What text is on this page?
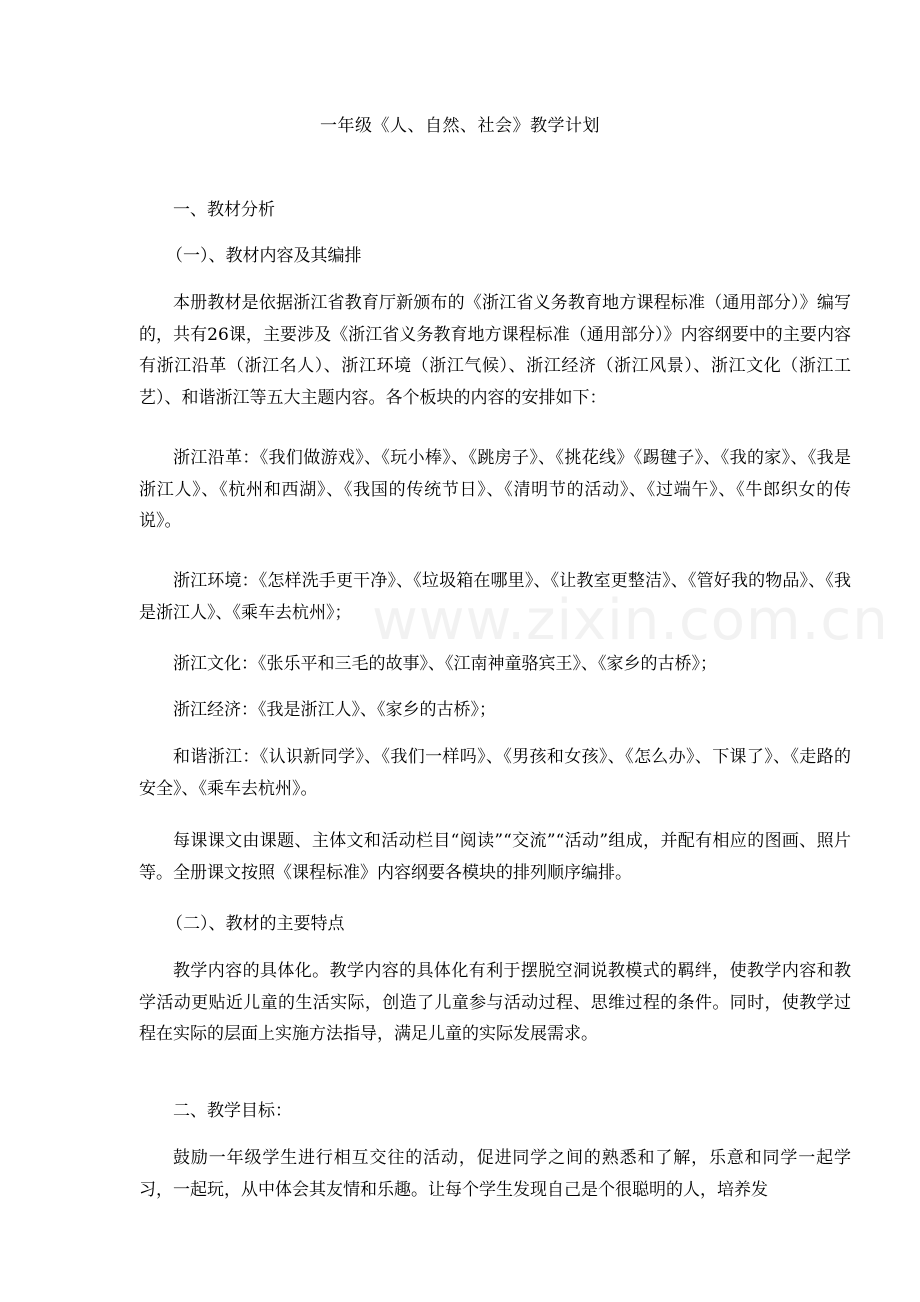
www.zixin.com.cn
一年级《人、自然、社会》教学计划
一、教材分析
（一）、教材内容及其编排
本册教材是依据浙江省教育厅新颁布的《浙江省义务教育地方课程标准（通用部分）》编写的，共有26课，主要涉及《浙江省义务教育地方课程标准（通用部分）》内容纲要中的主要内容有浙江沿革（浙江名人）、浙江环境（浙江气候）、浙江经济（浙江风景）、浙江文化（浙江工艺）、和谐浙江等五大主题内容。各个板块的内容的安排如下：
浙江沿革：《我们做游戏》、《玩小棒》、《跳房子》、《挑花线》《踢毽子》、《我的家》、《我是浙江人》、《杭州和西湖》、《我国的传统节日》、《清明节的活动》、《过端午》、《牛郎织女的传说》。
浙江环境：《怎样洗手更干净》、《垃圾箱在哪里》、《让教室更整洁》、《管好我的物品》、《我是浙江人》、《乘车去杭州》；
浙江文化：《张乐平和三毛的故事》、《江南神童骆宾王》、《家乡的古桥》；
浙江经济：《我是浙江人》、《家乡的古桥》；
和谐浙江：《认识新同学》、《我们一样吗》、《男孩和女孩》、《怎么办》、下课了》、《走路的安全》、《乘车去杭州》。
每课课文由课题、主体文和活动栏目“阅读”“交流”“活动”组成，并配有相应的图画、照片等。全册课文按照《课程标准》内容纲要各模块的排列顺序编排。
（二）、教材的主要特点
教学内容的具体化。教学内容的具体化有利于摆脱空洞说教模式的羁绊，使教学内容和教学活动更贴近儿童的生活实际，创造了儿童参与活动过程、思维过程的条件。同时，使教学过程在实际的层面上实施方法指导，满足儿童的实际发展需求。
二、教学目标：
鼓励一年级学生进行相互交往的活动，促进同学之间的熟悉和了解，乐意和同学一起学习，一起玩，从中体会其友情和乐趣。让每个学生发现自己是个很聪明的人，培养发
